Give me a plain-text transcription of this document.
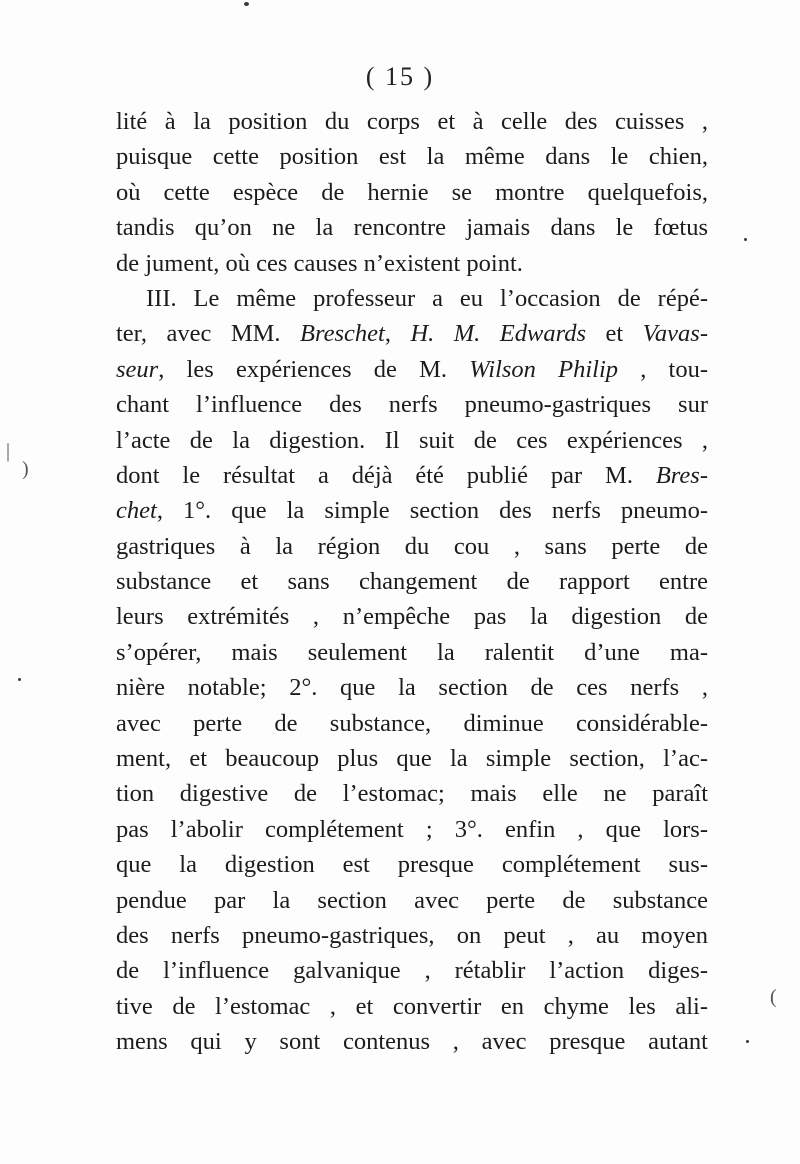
( 15 )
lité à la position du corps et à celle des cuisses ,
puisque cette position est la même dans le chien,
où cette espèce de hernie se montre quelquefois,
tandis qu’on ne la rencontre jamais dans le fœtus
de jument, où ces causes n’existent point.
III. Le même professeur a eu l’occasion de répé-
ter, avec MM. Breschet, H. M. Edwards et Vavas-
seur, les expériences de M. Wilson Philip , tou-
chant l’influence des nerfs pneumo-gastriques sur
l’acte de la digestion. Il suit de ces expériences ,
dont le résultat a déjà été publié par M. Bres-
chet, 1°. que la simple section des nerfs pneumo-
gastriques à la région du cou , sans perte de
substance et sans changement de rapport entre
leurs extrémités , n’empêche pas la digestion de
s’opérer, mais seulement la ralentit d’une ma-
nière notable; 2°. que la section de ces nerfs ,
avec perte de substance, diminue considérable-
ment, et beaucoup plus que la simple section, l’ac-
tion digestive de l’estomac; mais elle ne paraît
pas l’abolir complétement ; 3°. enfin , que lors-
que la digestion est presque complétement sus-
pendue par la section avec perte de substance
des nerfs pneumo-gastriques, on peut , au moyen
de l’influence galvanique , rétablir l’action diges-
tive de l’estomac , et convertir en chyme les ali-
mens qui y sont contenus , avec presque autant
|
)
(
